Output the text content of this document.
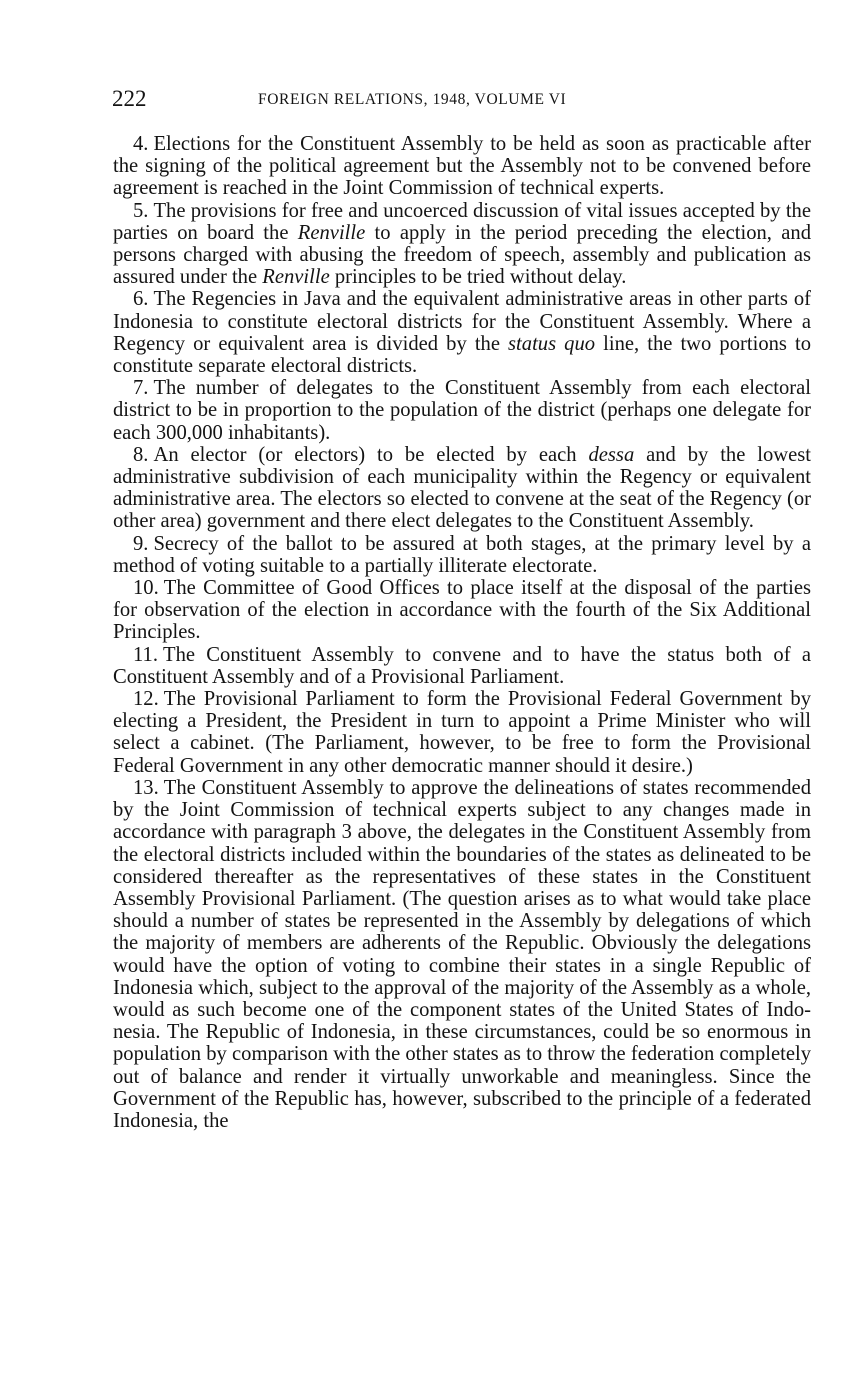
222	FOREIGN RELATIONS, 1948, VOLUME VI

4. Elections for the Constituent Assembly to be held as soon as practicable after the signing of the political agreement but the Assembly not to be convened before agreement is reached in the Joint Commission of technical experts.

5. The provisions for free and uncoerced discussion of vital issues accepted by the parties on board the Renville to apply in the period preceding the election, and persons charged with abusing the freedom of speech, assembly and publication as assured under the Renville principles to be tried without delay.

6. The Regencies in Java and the equivalent administrative areas in other parts of Indonesia to constitute electoral districts for the Constituent Assembly. Where a Regency or equivalent area is divided by the status quo line, the two portions to constitute separate electoral districts.

7. The number of delegates to the Constituent Assembly from each electoral district to be in proportion to the population of the district (perhaps one delegate for each 300,000 inhabitants).

8. An elector (or electors) to be elected by each dessa and by the lowest administrative subdivision of each municipality within the Regency or equivalent administrative area. The electors so elected to convene at the seat of the Regency (or other area) government and there elect delegates to the Constituent Assembly.

9. Secrecy of the ballot to be assured at both stages, at the primary level by a method of voting suitable to a partially illiterate electorate.

10. The Committee of Good Offices to place itself at the disposal of the parties for observation of the election in accordance with the fourth of the Six Additional Principles.

11. The Constituent Assembly to convene and to have the status both of a Constituent Assembly and of a Provisional Parliament.

12. The Provisional Parliament to form the Provisional Federal Government by electing a President, the President in turn to appoint a Prime Minister who will select a cabinet. (The Parliament, however, to be free to form the Provisional Federal Government in any other democratic manner should it desire.)

13. The Constituent Assembly to approve the delineations of states recommended by the Joint Commission of technical experts subject to any changes made in accordance with paragraph 3 above, the delegates in the Constituent Assembly from the electoral districts included within the boundaries of the states as delineated to be considered thereafter as the representatives of these states in the Constituent Assembly Provisional Parliament. (The question arises as to what would take place should a number of states be represented in the Assembly by delegations of which the majority of members are adherents of the Republic. Obviously the delegations would have the option of voting to combine their states in a single Republic of Indonesia which, subject to the approval of the majority of the Assembly as a whole, would as such become one of the component states of the United States of Indonesia. The Republic of Indonesia, in these circumstances, could be so enormous in population by comparison with the other states as to throw the federation completely out of balance and render it virtually unworkable and meaningless. Since the Government of the Republic has, however, subscribed to the principle of a federated Indonesia, the
